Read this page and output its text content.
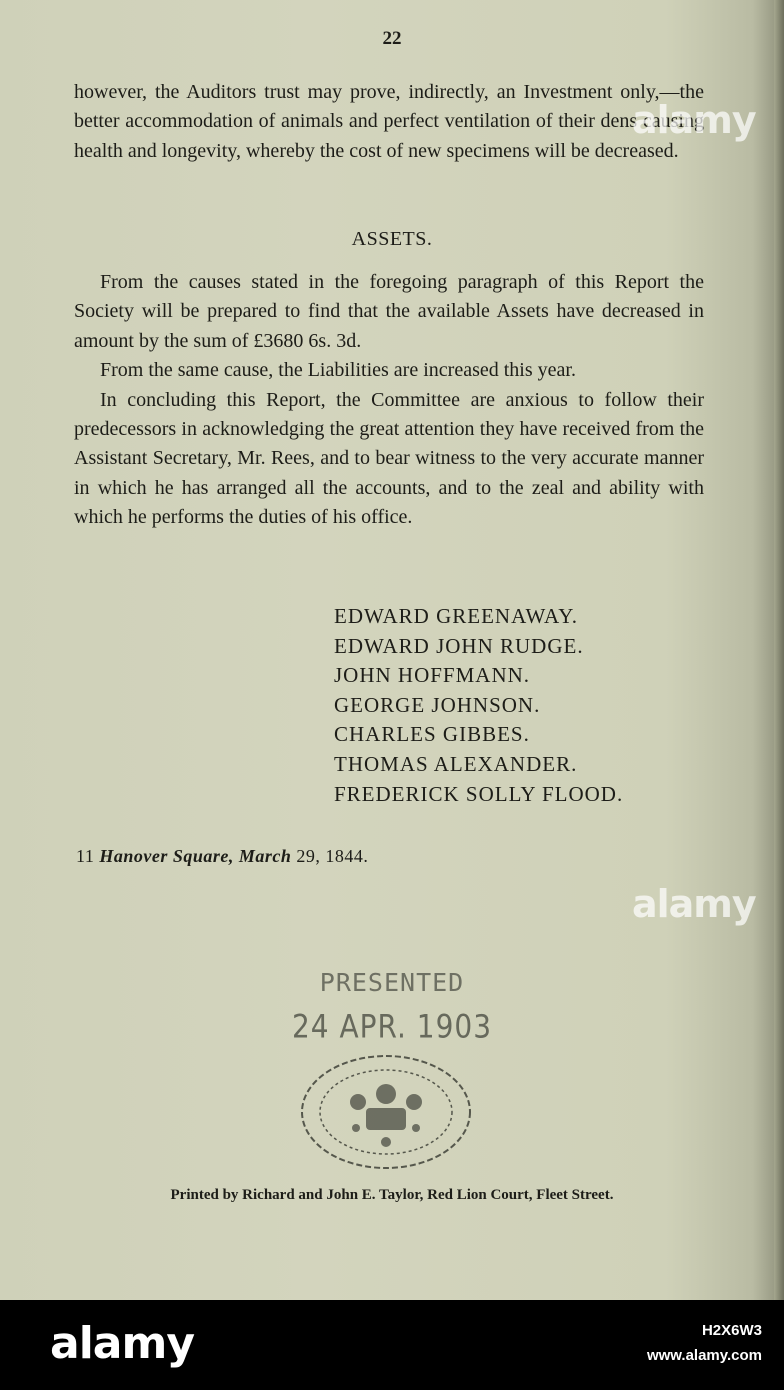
22

however, the Auditors trust may prove, indirectly, an Investment only,—the better accommodation of animals and perfect ventilation of their dens causing health and longevity, whereby the cost of new specimens will be decreased.

ASSETS.

From the causes stated in the foregoing paragraph of this Report the Society will be prepared to find that the available Assets have decreased in amount by the sum of £3680 6s. 3d.

From the same cause, the Liabilities are increased this year.

In concluding this Report, the Committee are anxious to follow their predecessors in acknowledging the great attention they have received from the Assistant Secretary, Mr. Rees, and to bear witness to the very accurate manner in which he has arranged all the accounts, and to the zeal and ability with which he performs the duties of his office.

EDWARD GREENAWAY.
EDWARD JOHN RUDGE.
JOHN HOFFMANN.
GEORGE JOHNSON.
CHARLES GIBBES.
THOMAS ALEXANDER.
FREDERICK SOLLY FLOOD.
11 Hanover Square, March 29, 1844.
PRESENTED
24 APR. 1903
Printed by Richard and John E. Taylor, Red Lion Court, Fleet Street.
alamy
alamy
alamy	H2X6W3
www.alamy.com
